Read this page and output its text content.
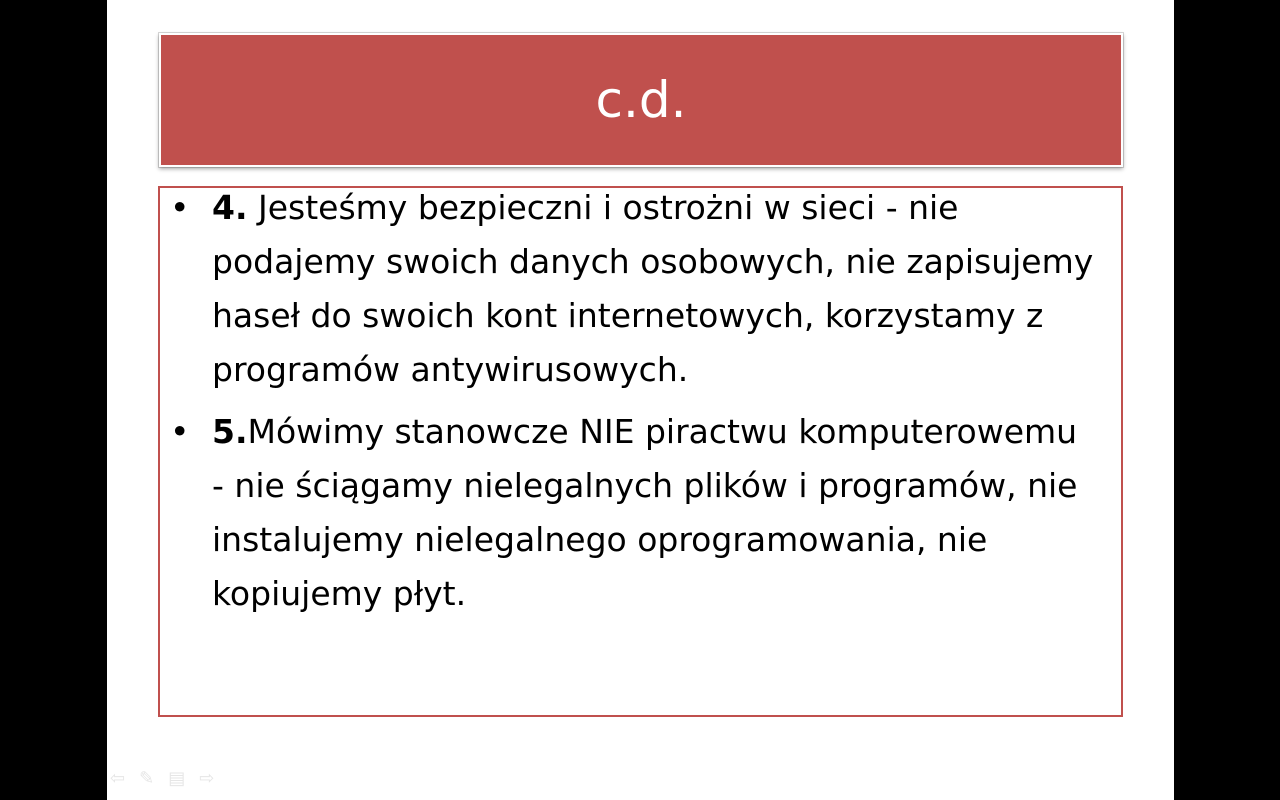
c.d.
• 4. Jesteśmy bezpieczni i ostrożni w sieci - nie podajemy swoich danych osobowych, nie zapisujemy haseł do swoich kont internetowych, korzystamy z programów antywirusowych.
• 5.Mówimy stanowcze NIE piractwu komputerowemu - nie ściągamy nielegalnych plików i programów, nie instalujemy nielegalnego oprogramowania, nie kopiujemy płyt.
⇦ ✎ ▤ ⇨
